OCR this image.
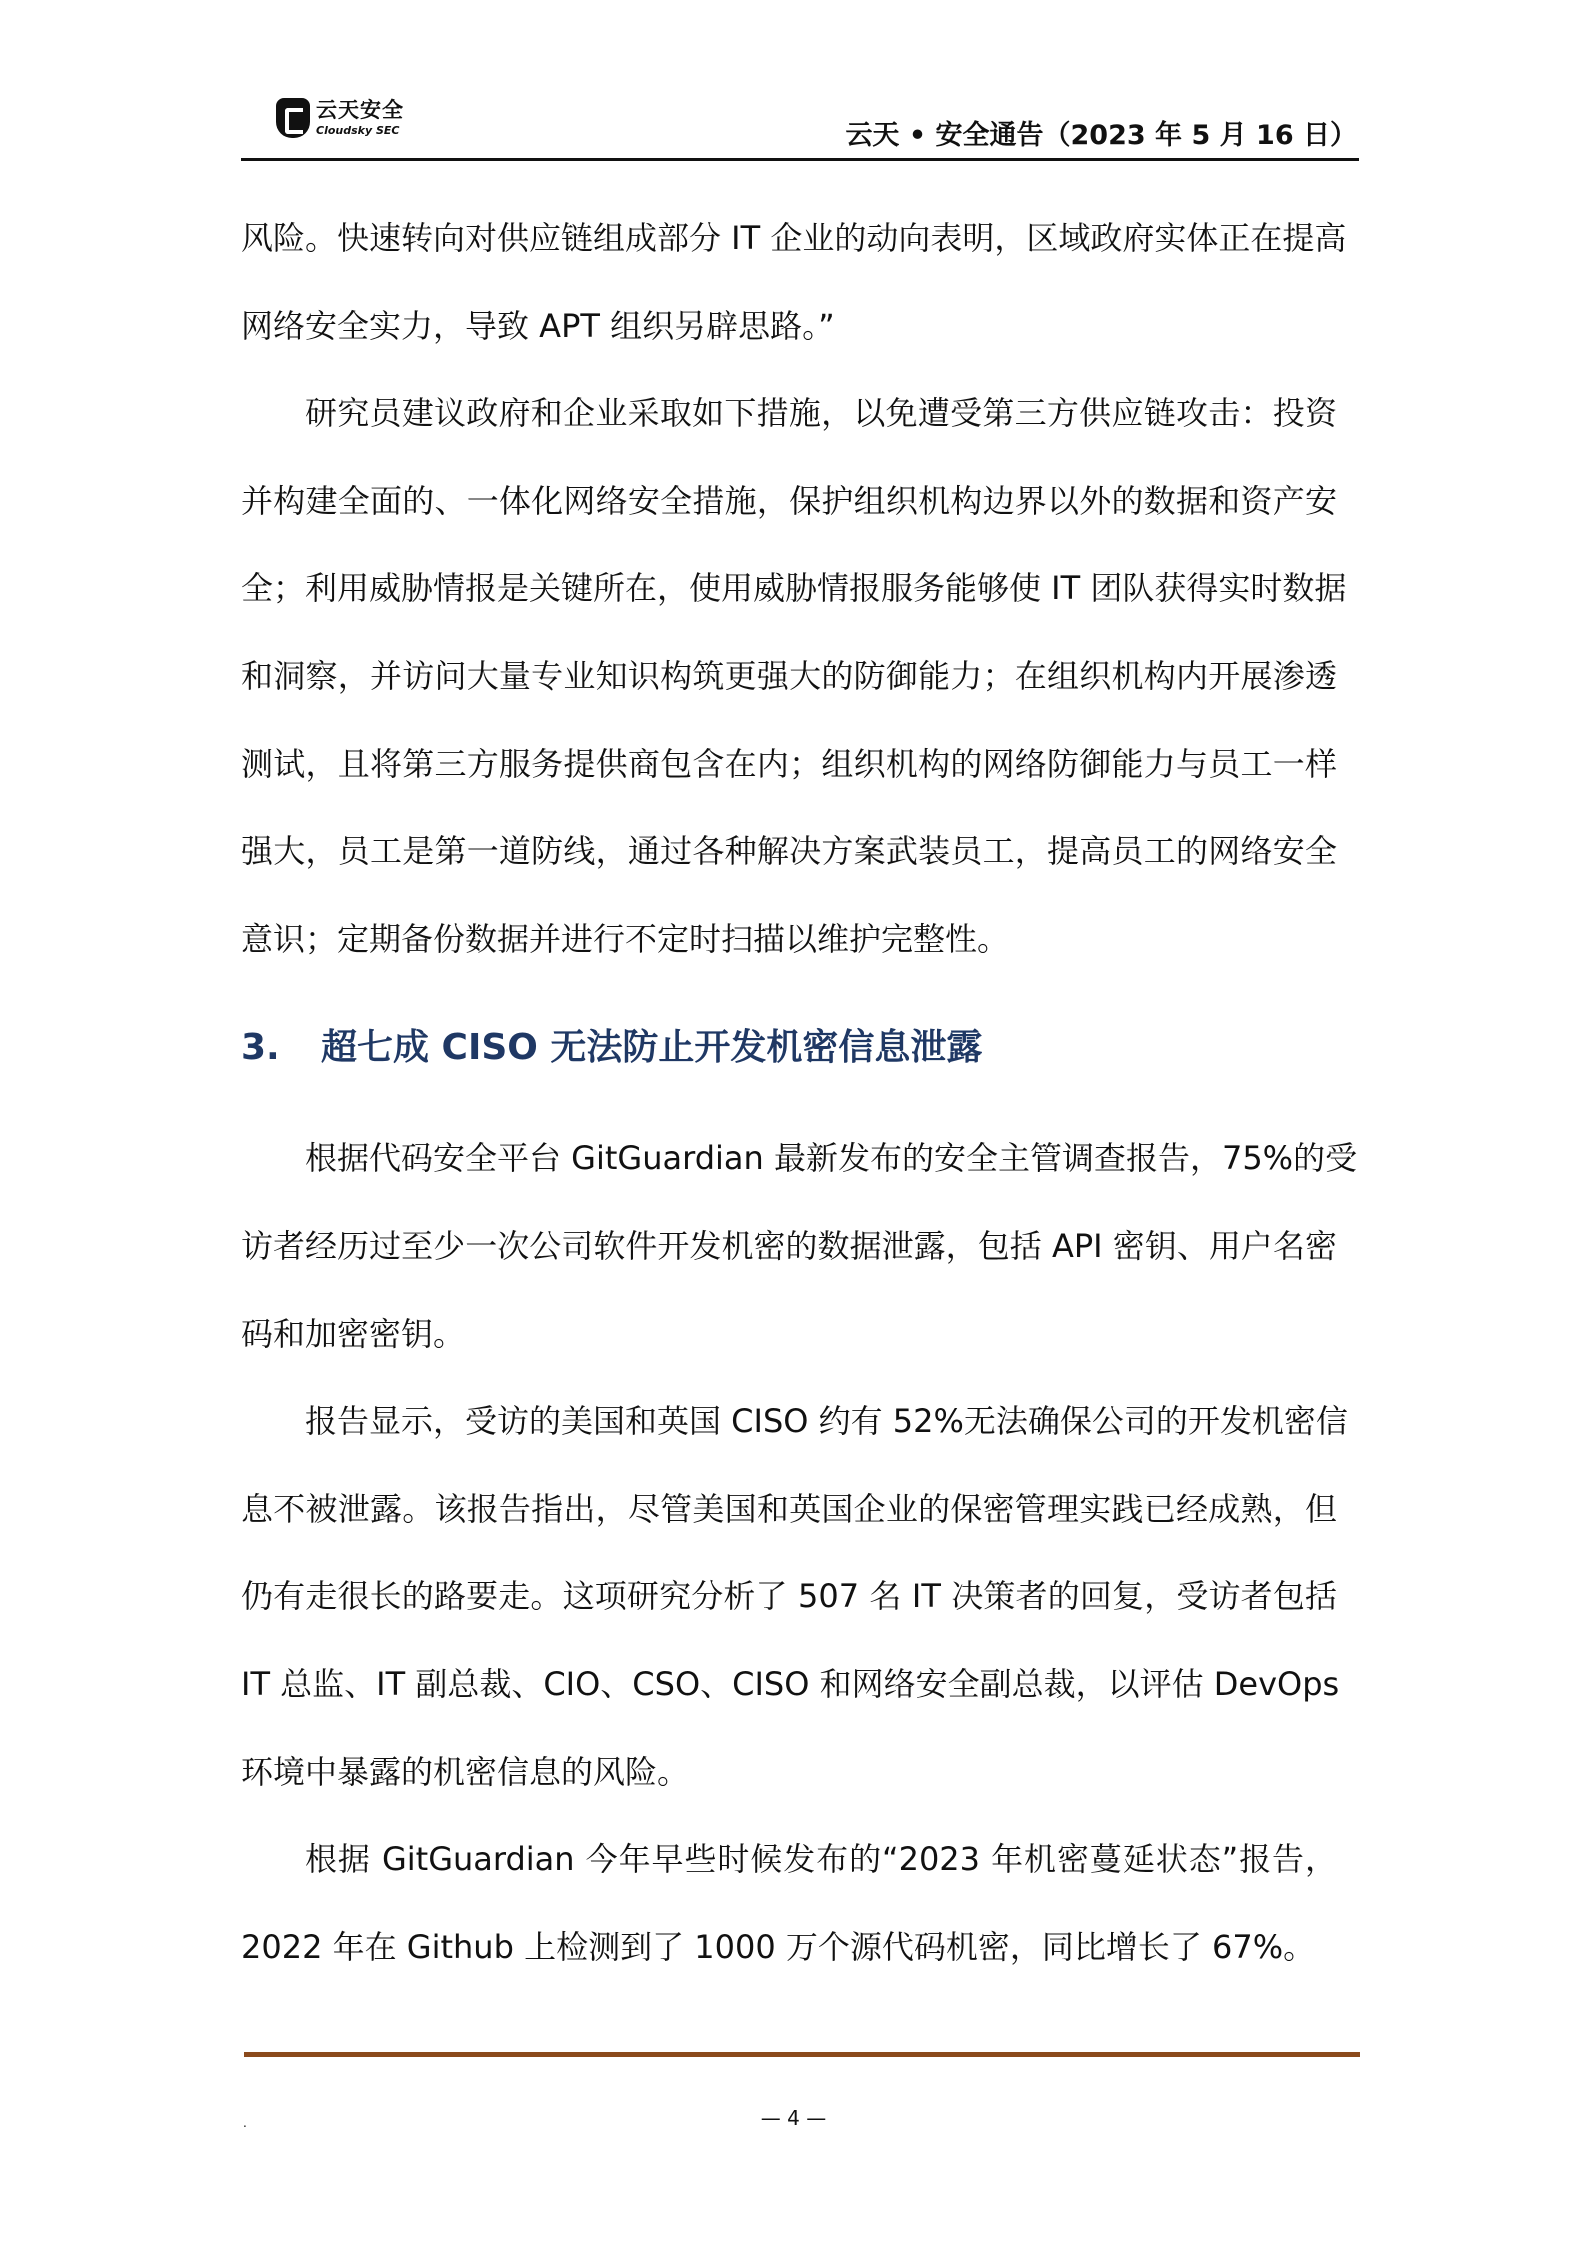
云天安全
Cloudsky SEC	云天 • 安全通告（2023 年 5 月 16 日）
风险。快速转向对供应链组成部分 IT 企业的动向表明，区域政府实体正在提高
网络安全实力，导致 APT 组织另辟思路。”
研究员建议政府和企业采取如下措施，以免遭受第三方供应链攻击：投资
并构建全面的、一体化网络安全措施，保护组织机构边界以外的数据和资产安
全；利用威胁情报是关键所在，使用威胁情报服务能够使 IT 团队获得实时数据
和洞察，并访问大量专业知识构筑更强大的防御能力；在组织机构内开展渗透
测试，且将第三方服务提供商包含在内；组织机构的网络防御能力与员工一样
强大，员工是第一道防线，通过各种解决方案武装员工，提高员工的网络安全
意识；定期备份数据并进行不定时扫描以维护完整性。
3. 超七成 CISO 无法防止开发机密信息泄露
根据代码安全平台 GitGuardian 最新发布的安全主管调查报告，75%的受
访者经历过至少一次公司软件开发机密的数据泄露，包括 API 密钥、用户名密
码和加密密钥。
报告显示，受访的美国和英国 CISO 约有 52%无法确保公司的开发机密信
息不被泄露。该报告指出，尽管美国和英国企业的保密管理实践已经成熟，但
仍有走很长的路要走。这项研究分析了 507 名 IT 决策者的回复，受访者包括
IT 总监、IT 副总裁、CIO、CSO、CISO 和网络安全副总裁，以评估 DevOps
环境中暴露的机密信息的风险。
根据 GitGuardian 今年早些时候发布的“2023 年机密蔓延状态”报告，
2022 年在 Github 上检测到了 1000 万个源代码机密，同比增长了 67%。
.	— 4 —
